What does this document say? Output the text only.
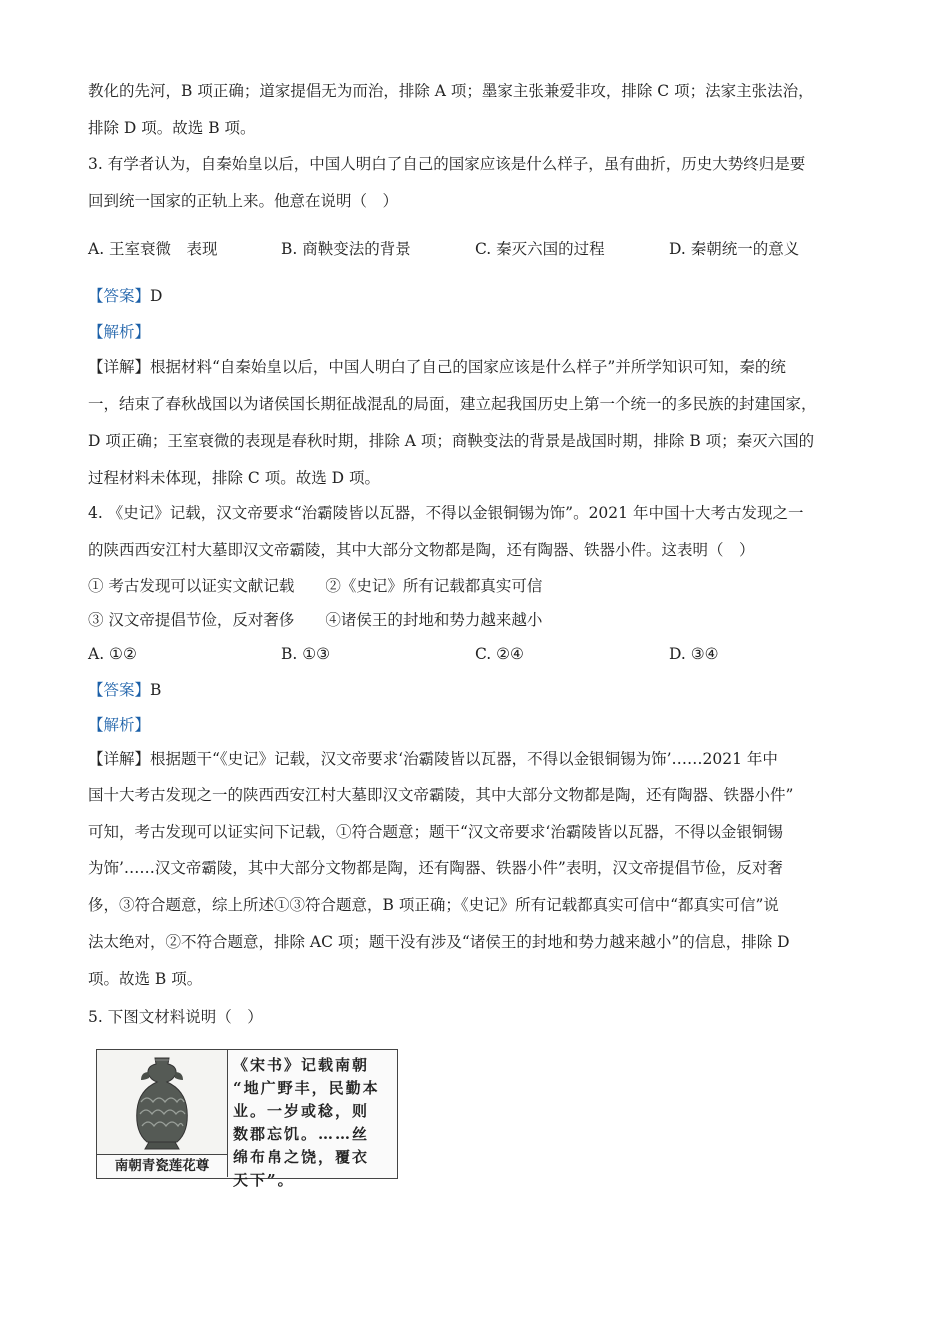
教化的先河，B 项正确；道家提倡无为而治，排除 A 项；墨家主张兼爱非攻，排除 C 项；法家主张法治，
排除 D 项。故选 B 项。
3. 有学者认为，自秦始皇以后，中国人明白了自己的国家应该是什么样子，虽有曲折，历史大势终归是要
回到统一国家的正轨上来。他意在说明（　）
A. 王室衰微　表现	B. 商鞅变法的背景	C. 秦灭六国的过程	D. 秦朝统一的意义
【答案】D
【解析】
【详解】根据材料“自秦始皇以后，中国人明白了自己的国家应该是什么样子”并所学知识可知，秦的统
一，结束了春秋战国以为诸侯国长期征战混乱的局面，建立起我国历史上第一个统一的多民族的封建国家，
D 项正确；王室衰微的表现是春秋时期，排除 A 项；商鞅变法的背景是战国时期，排除 B 项；秦灭六国的
过程材料未体现，排除 C 项。故选 D 项。
4. 《史记》记载，汉文帝要求“治霸陵皆以瓦器，不得以金银铜锡为饰”。2021 年中国十大考古发现之一
的陕西西安江村大墓即汉文帝霸陵，其中大部分文物都是陶，还有陶器、铁器小件。这表明（　）
① 考古发现可以证实文献记载　　②《史记》所有记载都真实可信
③ 汉文帝提倡节俭，反对奢侈　　④诸侯王的封地和势力越来越小
A. ①②	B. ①③	C. ②④	D. ③④
【答案】B
【解析】
【详解】根据题干“《史记》记载，汉文帝要求‘治霸陵皆以瓦器，不得以金银铜锡为饰’……2021 年中
国十大考古发现之一的陕西西安江村大墓即汉文帝霸陵，其中大部分文物都是陶，还有陶器、铁器小件”
可知，考古发现可以证实问下记载，①符合题意；题干“汉文帝要求‘治霸陵皆以瓦器，不得以金银铜锡
为饰’……汉文帝霸陵，其中大部分文物都是陶，还有陶器、铁器小件”表明，汉文帝提倡节俭，反对奢
侈，③符合题意，综上所述①③符合题意，B 项正确；《史记》所有记载都真实可信中“都真实可信”说
法太绝对，②不符合题意，排除 AC 项；题干没有涉及“诸侯王的封地和势力越来越小”的信息，排除 D
项。故选 B 项。
5. 下图文材料说明（　）
南朝青瓷莲花尊
《宋书》记载南朝
“地广野丰，民勤本
业。一岁或稔，则
数郡忘饥。……丝
绵布帛之饶，覆衣
天下”。
